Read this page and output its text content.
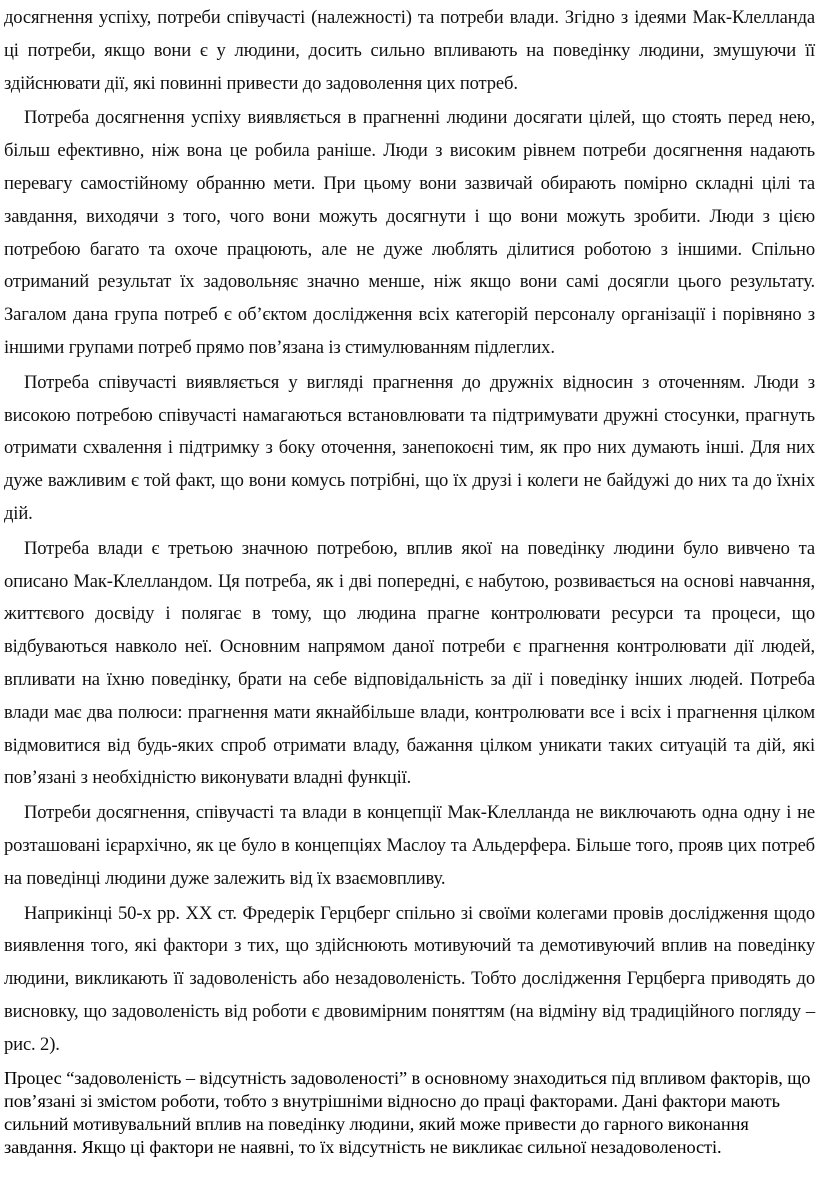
досягнення успіху, потреби співучасті (належності) та потреби влади. Згідно з ідеями Мак-Клелланда ці потреби, якщо вони є у людини, досить сильно впливають на поведінку людини, змушуючи її здійснювати дії, які повинні привести до задоволення цих потреб.

Потреба досягнення успіху виявляється в прагненні людини досягати цілей, що стоять перед нею, більш ефективно, ніж вона це робила раніше. Люди з високим рівнем потреби досягнення надають перевагу самостійному обранню мети. При цьому вони зазвичай обирають помірно складні цілі та завдання, виходячи з того, чого вони можуть досягнути і що вони можуть зробити. Люди з цією потребою багато та охоче працюють, але не дуже люблять ділитися роботою з іншими. Спільно отриманий результат їх задовольняє значно менше, ніж якщо вони самі досягли цього результату. Загалом дана група потреб є об’єктом дослідження всіх категорій персоналу організації і порівняно з іншими групами потреб прямо пов’язана із стимулюванням підлеглих.

Потреба співучасті виявляється у вигляді прагнення до дружніх відносин з оточенням. Люди з високою потребою співучасті намагаються встановлювати та підтримувати дружні стосунки, прагнуть отримати схвалення і підтримку з боку оточення, занепокоєні тим, як про них думають інші. Для них дуже важливим є той факт, що вони комусь потрібні, що їх друзі і колеги не байдужі до них та до їхніх дій.

Потреба влади є третьою значною потребою, вплив якої на поведінку людини було вивчено та описано Мак-Клелландом. Ця потреба, як і дві попередні, є набутою, розвивається на основі навчання, життєвого досвіду і полягає в тому, що людина прагне контролювати ресурси та процеси, що відбуваються навколо неї. Основним напрямом даної потреби є прагнення контролювати дії людей, впливати на їхню поведінку, брати на себе відповідальність за дії і поведінку інших людей. Потреба влади має два полюси: прагнення мати якнайбільше влади, контролювати все і всіх і прагнення цілком відмовитися від будь-яких спроб отримати владу, бажання цілком уникати таких ситуацій та дій, які пов’язані з необхідністю виконувати владні функції.

Потреби досягнення, співучасті та влади в концепції Мак-Клелланда не виключають одна одну і не розташовані ієрархічно, як це було в концепціях Маслоу та Альдерфера. Більше того, прояв цих потреб на поведінці людини дуже залежить від їх взаємовпливу.

Наприкінці 50-х рр. XX ст. Фредерік Герцберг спільно зі своїми колегами провів дослідження щодо виявлення того, які фактори з тих, що здійснюють мотивуючий та демотивуючий вплив на поведінку людини, викликають її задоволеність або незадоволеність. Тобто дослідження Герцберга приводять до висновку, що задоволеність від роботи є двовимірним поняттям (на відміну від традиційного погляду – рис. 2).

Процес “задоволеність – відсутність задоволеності” в основному знаходиться під впливом факторів, що пов’язані зі змістом роботи, тобто з внутрішніми відносно до праці факторами. Дані фактори мають сильний мотивувальний вплив на поведінку людини, який може привести до гарного виконання завдання. Якщо ці фактори не наявні, то їх відсутність не викликає сильної незадоволеності.
